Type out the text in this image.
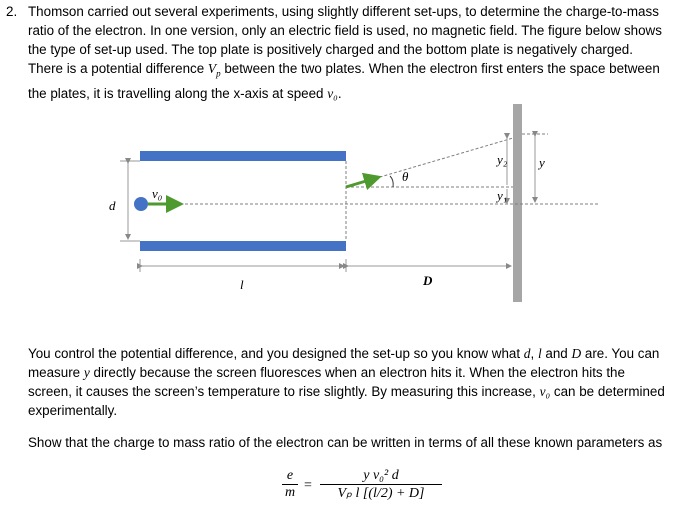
2. Thomson carried out several experiments, using slightly different set-ups, to determine the charge-to-mass
ratio of the electron. In one version, only an electric field is used, no magnetic field. The figure below shows
the type of set-up used. The top plate is positively charged and the bottom plate is negatively charged.
There is a potential difference $V_p$ between the two plates. When the electron first enters the space between
the plates, it is travelling along the x-axis at speed v₀.
d
v₀
θ
l	D
y₂
y₁
y
You control the potential difference, and you designed the set-up so you know what d, l and D are. You can
measure y directly because the screen fluoresces when an electron hits it. When the electron hits the
screen, it causes the screen’s temperature to rise slightly. By measuring this increase, v₀ can be determined
experimentally.
Show that the charge to mass ratio of the electron can be written in terms of all these known parameters as
e
m =
y v₀² d
Vₚ l [(l/2) + D]
